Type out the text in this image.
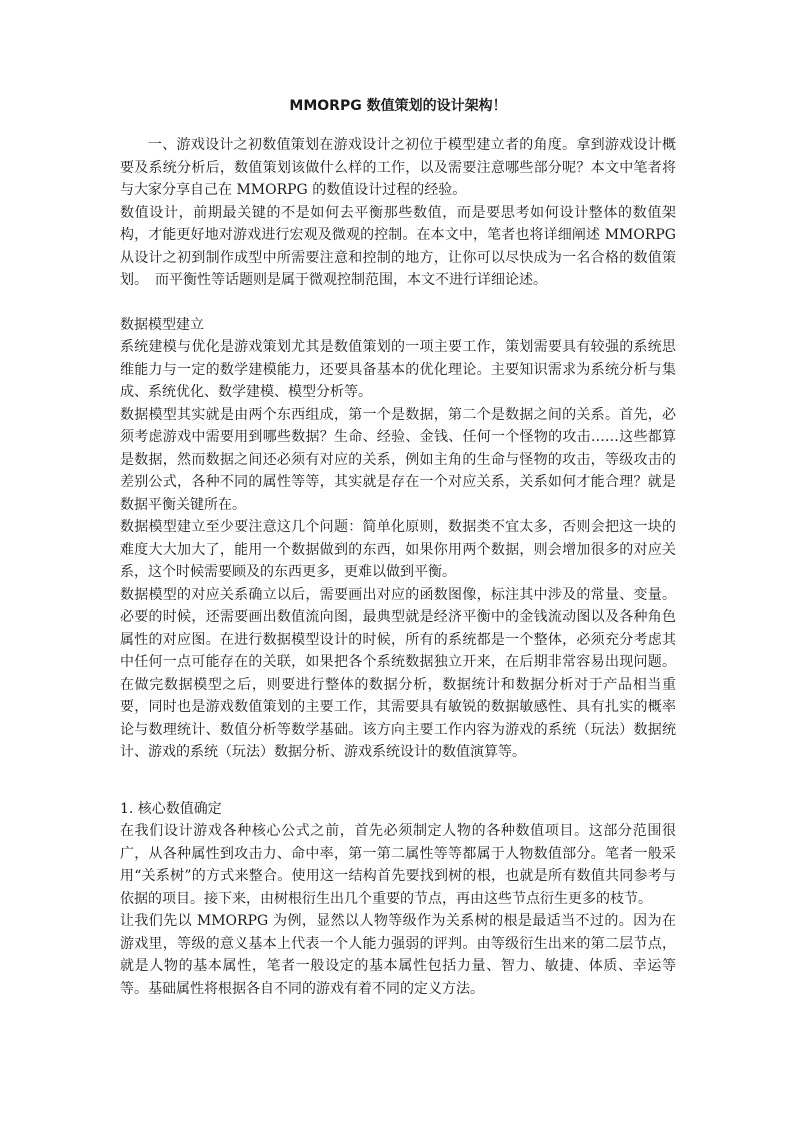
MMORPG 数值策划的设计架构！

一、游戏设计之初数值策划在游戏设计之初位于模型建立者的角度。拿到游戏设计概要及系统分析后，数值策划该做什么样的工作，以及需要注意哪些部分呢？本文中笔者将与大家分享自己在 MMORPG 的数值设计过程的经验。

数值设计，前期最关键的不是如何去平衡那些数值，而是要思考如何设计整体的数值架构，才能更好地对游戏进行宏观及微观的控制。在本文中，笔者也将详细阐述 MMORPG 从设计之初到制作成型中所需要注意和控制的地方，让你可以尽快成为一名合格的数值策划。　而平衡性等话题则是属于微观控制范围，本文不进行详细论述。

数据模型建立

系统建模与优化是游戏策划尤其是数值策划的一项主要工作，策划需要具有较强的系统思维能力与一定的数学建模能力，还要具备基本的优化理论。主要知识需求为系统分析与集成、系统优化、数学建模、模型分析等。

数据模型其实就是由两个东西组成，第一个是数据，第二个是数据之间的关系。首先，必须考虑游戏中需要用到哪些数据？生命、经验、金钱、任何一个怪物的攻击……这些都算是数据，然而数据之间还必须有对应的关系，例如主角的生命与怪物的攻击，等级攻击的差别公式，各种不同的属性等等，其实就是存在一个对应关系，关系如何才能合理？就是数据平衡关键所在。

数据模型建立至少要注意这几个问题：简单化原则，数据类不宜太多，否则会把这一块的难度大大加大了，能用一个数据做到的东西，如果你用两个数据，则会增加很多的对应关系，这个时候需要顾及的东西更多，更难以做到平衡。

数据模型的对应关系确立以后，需要画出对应的函数图像，标注其中涉及的常量、变量。必要的时候，还需要画出数值流向图，最典型就是经济平衡中的金钱流动图以及各种角色属性的对应图。在进行数据模型设计的时候，所有的系统都是一个整体，必须充分考虑其中任何一点可能存在的关联，如果把各个系统数据独立开来，在后期非常容易出现问题。在做完数据模型之后，则要进行整体的数据分析，数据统计和数据分析对于产品相当重要，同时也是游戏数值策划的主要工作，其需要具有敏锐的数据敏感性、具有扎实的概率论与数理统计、数值分析等数学基础。该方向主要工作内容为游戏的系统（玩法）数据统计、游戏的系统（玩法）数据分析、游戏系统设计的数值演算等。

1. 核心数值确定

在我们设计游戏各种核心公式之前，首先必须制定人物的各种数值项目。这部分范围很广，从各种属性到攻击力、命中率，第一第二属性等等都属于人物数值部分。笔者一般采用“关系树”的方式来整合。使用这一结构首先要找到树的根，也就是所有数值共同参考与依据的项目。接下来，由树根衍生出几个重要的节点，再由这些节点衍生更多的枝节。

让我们先以 MMORPG 为例，显然以人物等级作为关系树的根是最适当不过的。因为在游戏里，等级的意义基本上代表一个人能力强弱的评判。由等级衍生出来的第二层节点，就是人物的基本属性，笔者一般设定的基本属性包括力量、智力、敏捷、体质、幸运等等。基础属性将根据各自不同的游戏有着不同的定义方法。
